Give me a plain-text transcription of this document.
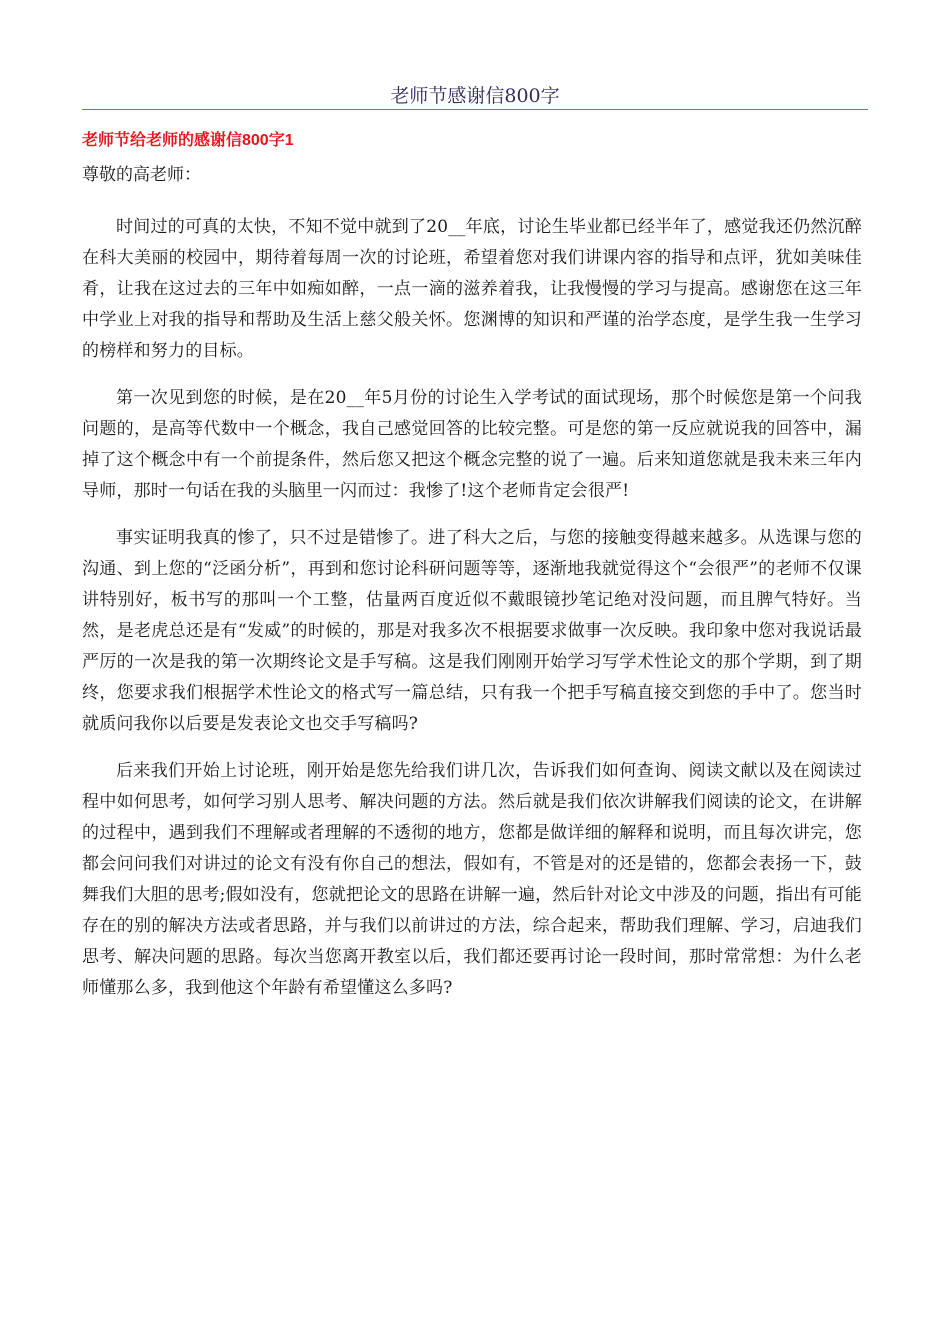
老师节感谢信800字
老师节给老师的感谢信800字1
尊敬的高老师：

时间过的可真的太快，不知不觉中就到了20__年底，讨论生毕业都已经半年了，感觉我还仍然沉醉在科大美丽的校园中，期待着每周一次的讨论班，希望着您对我们讲课内容的指导和点评，犹如美味佳肴，让我在这过去的三年中如痴如醉，一点一滴的滋养着我，让我慢慢的学习与提高。感谢您在这三年中学业上对我的指导和帮助及生活上慈父般关怀。您渊博的知识和严谨的治学态度，是学生我一生学习的榜样和努力的目标。

第一次见到您的时候，是在20__年5月份的讨论生入学考试的面试现场，那个时候您是第一个问我问题的，是高等代数中一个概念，我自己感觉回答的比较完整。可是您的第一反应就说我的回答中，漏掉了这个概念中有一个前提条件，然后您又把这个概念完整的说了一遍。后来知道您就是我未来三年内导师，那时一句话在我的头脑里一闪而过：我惨了!这个老师肯定会很严!

事实证明我真的惨了，只不过是错惨了。进了科大之后，与您的接触变得越来越多。从选课与您的沟通、到上您的“泛函分析”，再到和您讨论科研问题等等，逐渐地我就觉得这个“会很严”的老师不仅课讲特别好，板书写的那叫一个工整，估量两百度近似不戴眼镜抄笔记绝对没问题，而且脾气特好。当然，是老虎总还是有“发威”的时候的，那是对我多次不根据要求做事一次反映。我印象中您对我说话最严厉的一次是我的第一次期终论文是手写稿。这是我们刚刚开始学习写学术性论文的那个学期，到了期终，您要求我们根据学术性论文的格式写一篇总结，只有我一个把手写稿直接交到您的手中了。您当时就质问我你以后要是发表论文也交手写稿吗?

后来我们开始上讨论班，刚开始是您先给我们讲几次，告诉我们如何查询、阅读文献以及在阅读过程中如何思考，如何学习别人思考、解决问题的方法。然后就是我们依次讲解我们阅读的论文，在讲解的过程中，遇到我们不理解或者理解的不透彻的地方，您都是做详细的解释和说明，而且每次讲完，您都会问问我们对讲过的论文有没有你自己的想法，假如有，不管是对的还是错的，您都会表扬一下，鼓舞我们大胆的思考;假如没有，您就把论文的思路在讲解一遍，然后针对论文中涉及的问题，指出有可能存在的别的解决方法或者思路，并与我们以前讲过的方法，综合起来，帮助我们理解、学习，启迪我们思考、解决问题的思路。每次当您离开教室以后，我们都还要再讨论一段时间，那时常常想：为什么老师懂那么多，我到他这个年龄有希望懂这么多吗?
